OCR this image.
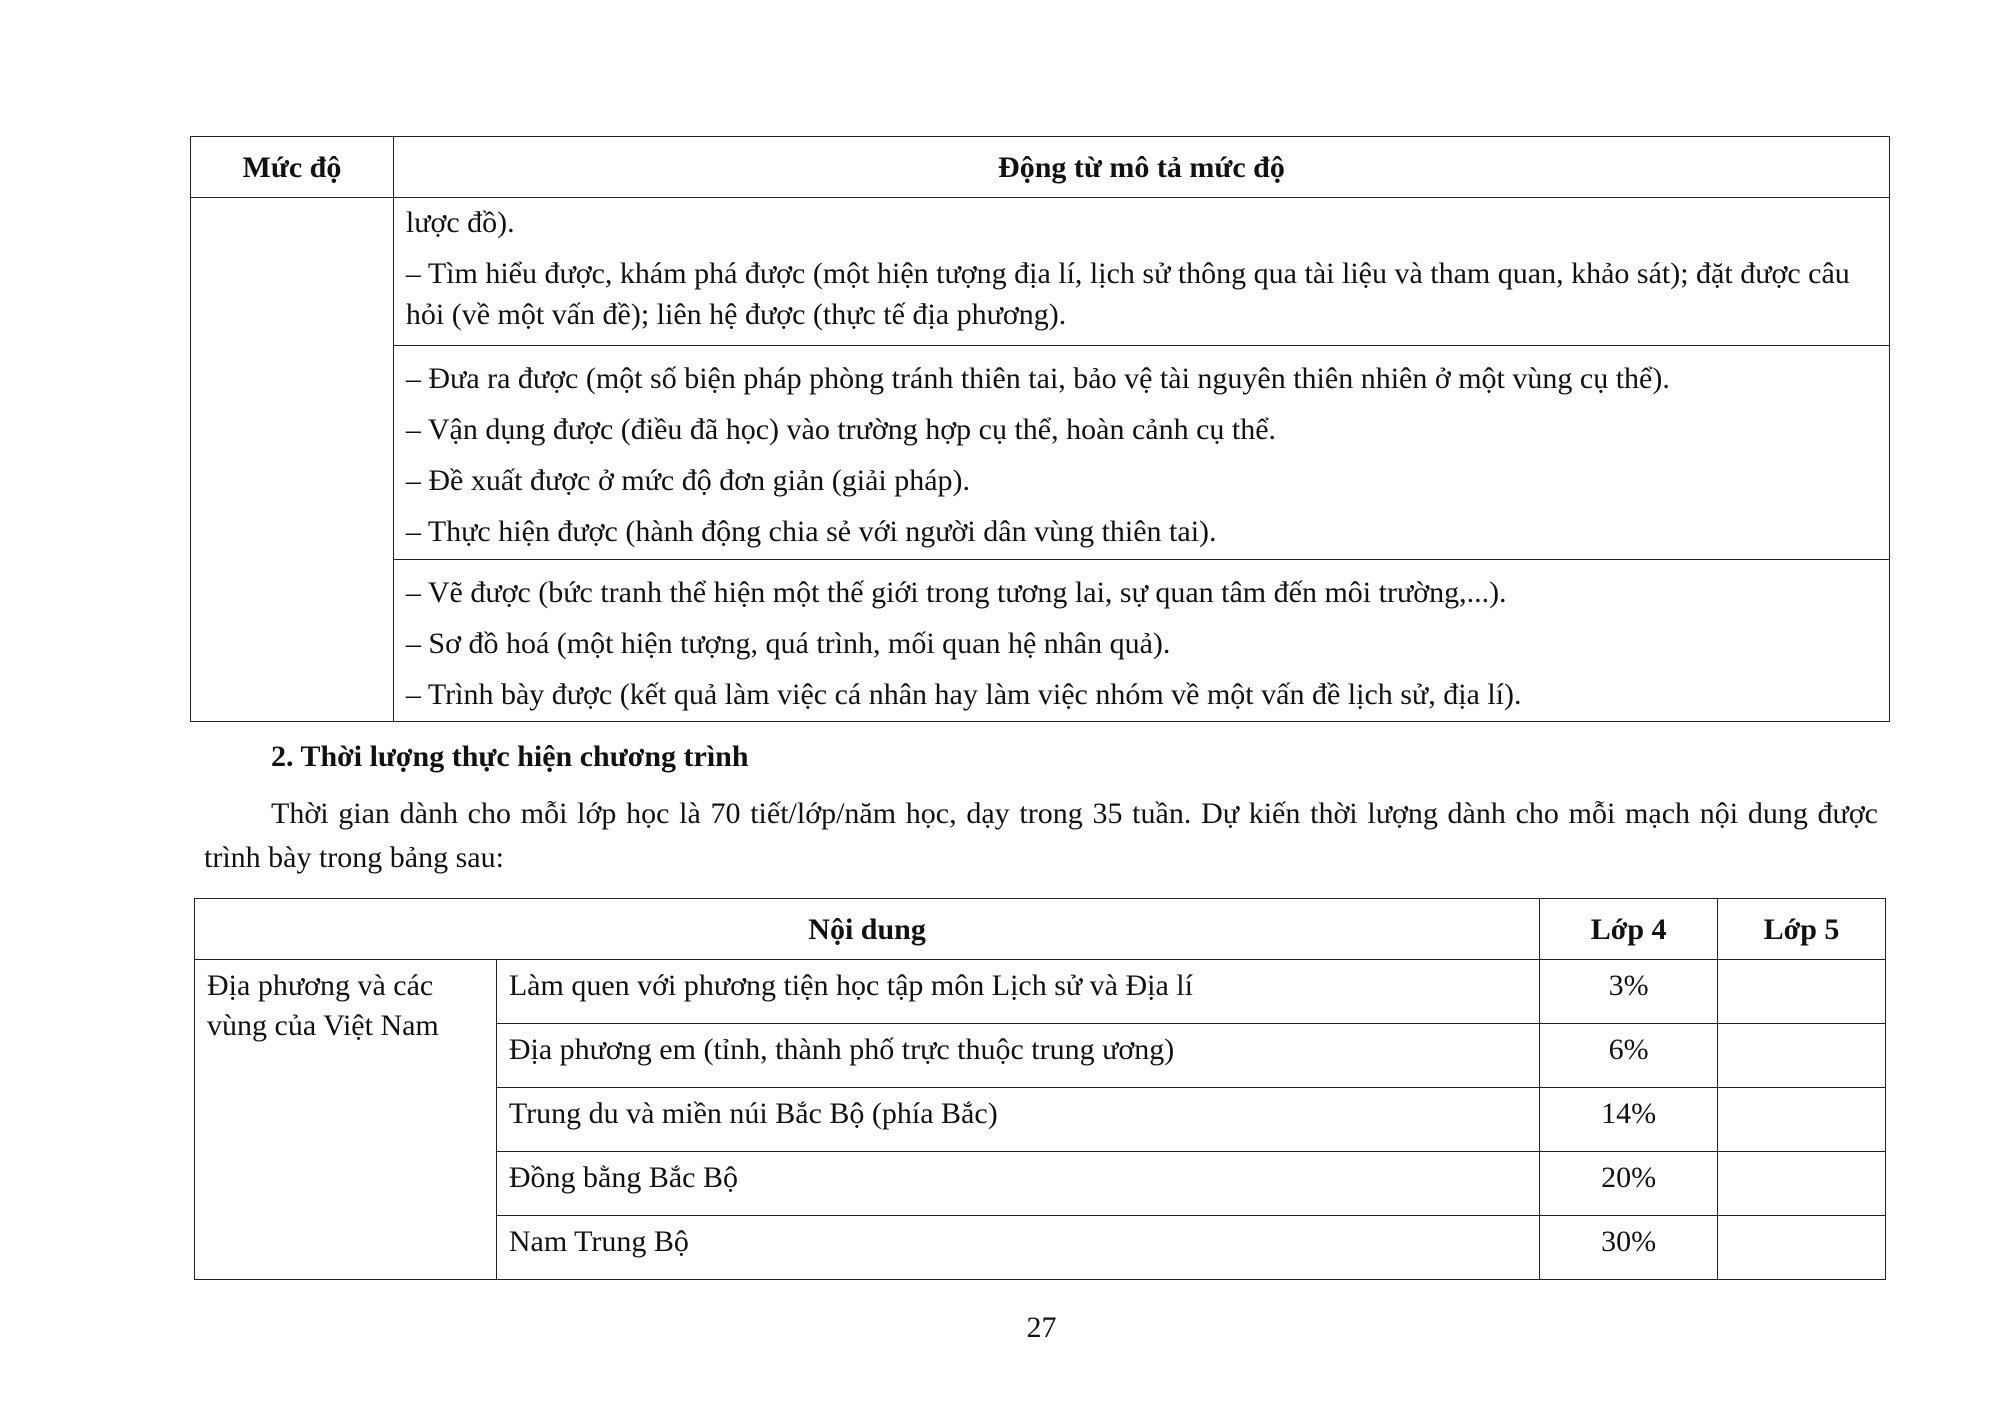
Mức độ	Động từ mô tả mức độ

	lược đồ).
– Tìm hiểu được, khám phá được (một hiện tượng địa lí, lịch sử thông qua tài liệu và tham quan, khảo sát); đặt được câu hỏi (về một vấn đề); liên hệ được (thực tế địa phương).

	– Đưa ra được (một số biện pháp phòng tránh thiên tai, bảo vệ tài nguyên thiên nhiên ở một vùng cụ thể).
– Vận dụng được (điều đã học) vào trường hợp cụ thể, hoàn cảnh cụ thể.
– Đề xuất được ở mức độ đơn giản (giải pháp).
– Thực hiện được (hành động chia sẻ với người dân vùng thiên tai).

	– Vẽ được (bức tranh thể hiện một thế giới trong tương lai, sự quan tâm đến môi trường,...).
– Sơ đồ hoá (một hiện tượng, quá trình, mối quan hệ nhân quả).
– Trình bày được (kết quả làm việc cá nhân hay làm việc nhóm về một vấn đề lịch sử, địa lí).

2. Thời lượng thực hiện chương trình

Thời gian dành cho mỗi lớp học là 70 tiết/lớp/năm học, dạy trong 35 tuần. Dự kiến thời lượng dành cho mỗi mạch nội dung được trình bày trong bảng sau:

Nội dung		Lớp 4	Lớp 5
Địa phương và các vùng của Việt Nam	Làm quen với phương tiện học tập môn Lịch sử và Địa lí	3%	
	Địa phương em (tỉnh, thành phố trực thuộc trung ương)	6%	
	Trung du và miền núi Bắc Bộ (phía Bắc)	14%	
	Đồng bằng Bắc Bộ	20%	
	Nam Trung Bộ	30%	

27
